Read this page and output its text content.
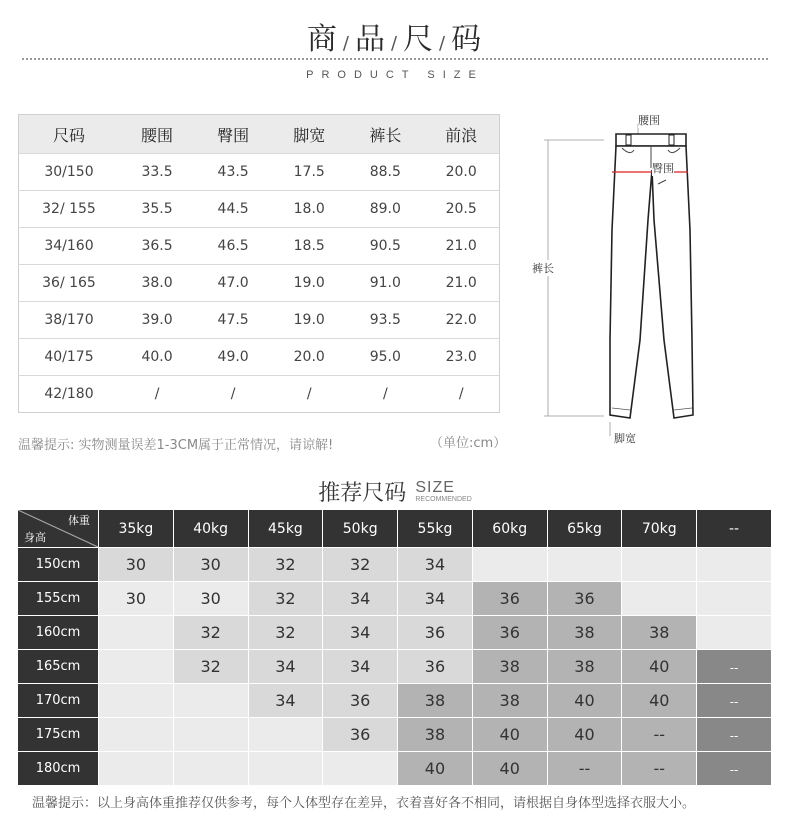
商 / 品 / 尺 / 码
PRODUCT SIZE
尺码	腰围	臀围	脚宽	裤长	前浪
30/150	33.5	43.5	17.5	88.5	20.0
32/ 155	35.5	44.5	18.0	89.0	20.5
34/160	36.5	46.5	18.5	90.5	21.0
36/ 165	38.0	47.0	19.0	91.0	21.0
38/170	39.0	47.5	19.0	93.5	22.0
40/175	40.0	49.0	20.0	95.0	23.0
42/180	/	/	/	/	/
温馨提示: 实物测量误差1-3CM属于正常情况，请谅解!	（单位:cm）
腰围
臀围
裤长
脚宽
推荐尺码 SIZE
RECOMMENDED
体重
身高	35kg	40kg	45kg	50kg	55kg	60kg	65kg	70kg	--
150cm	30	30	32	32	34				
155cm	30	30	32	34	34	36	36		
160cm		32	32	34	36	36	38	38	
165cm		32	34	34	36	38	38	40	--
170cm			34	36	38	38	40	40	--
175cm				36	38	40	40	--	--
180cm					40	40	--	--	--
温馨提示：以上身高体重推荐仅供参考，每个人体型存在差异，衣着喜好各不相同，请根据自身体型选择衣服大小。
